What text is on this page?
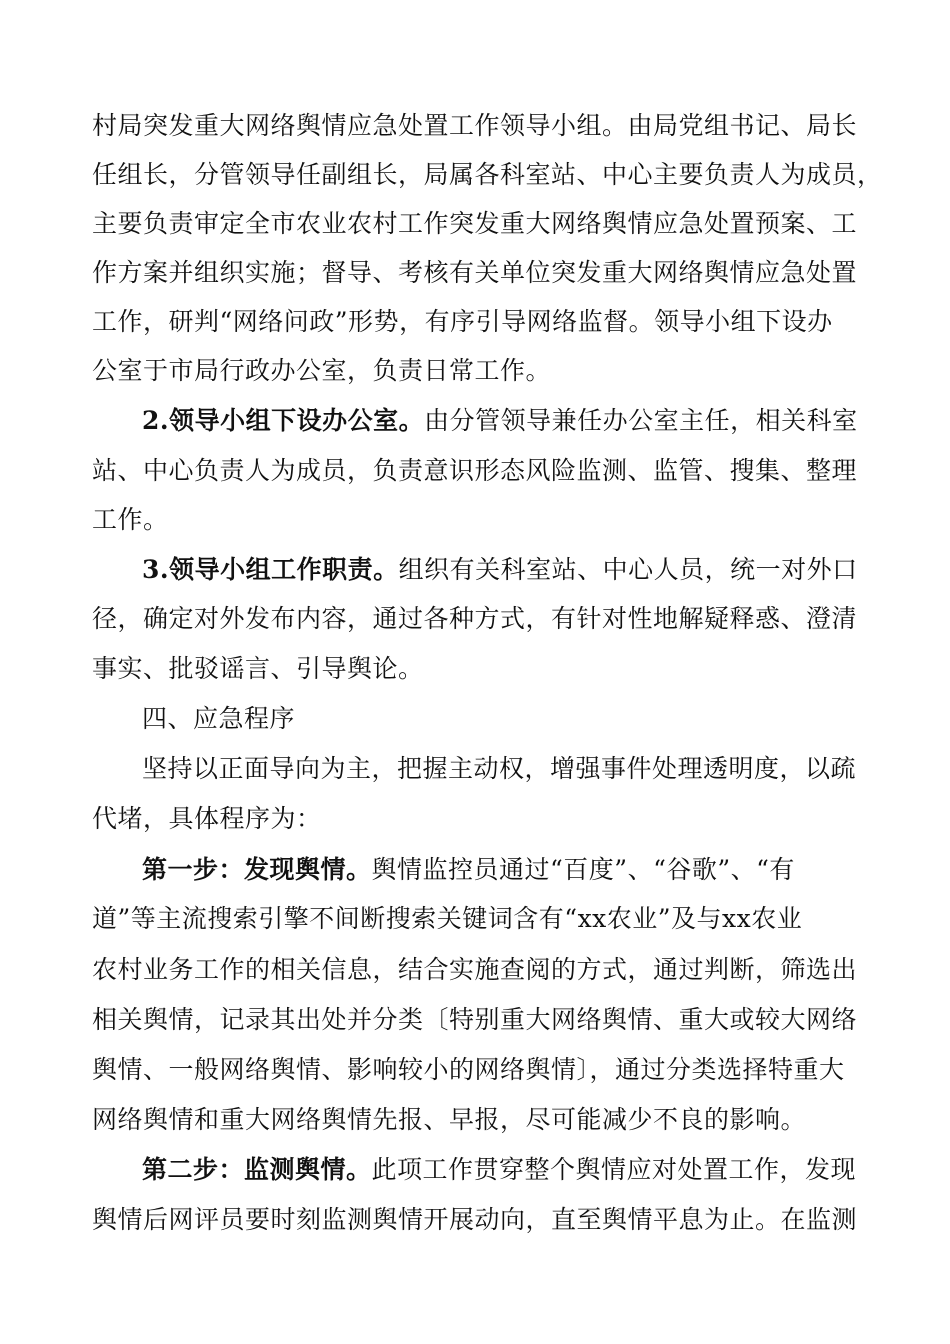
村局突发重大网络舆情应急处置工作领导小组。由局党组书记、局长
任组长，分管领导任副组长，局属各科室站、中心主要负责人为成员，
主要负责审定全市农业农村工作突发重大网络舆情应急处置预案、工
作方案并组织实施；督导、考核有关单位突发重大网络舆情应急处置
工作，研判“网络问政”形势，有序引导网络监督。领导小组下设办
公室于市局行政办公室，负责日常工作。
2.领导小组下设办公室。由分管领导兼任办公室主任，相关科室
站、中心负责人为成员，负责意识形态风险监测、监管、搜集、整理
工作。
3.领导小组工作职责。组织有关科室站、中心人员，统一对外口
径，确定对外发布内容，通过各种方式，有针对性地解疑释惑、澄清
事实、批驳谣言、引导舆论。
四、应急程序
坚持以正面导向为主，把握主动权，增强事件处理透明度，以疏
代堵，具体程序为：
第一步：发现舆情。舆情监控员通过“百度”、“谷歌”、“有
道”等主流搜索引擎不间断搜索关键词含有“xx农业”及与xx农业
农村业务工作的相关信息，结合实施查阅的方式，通过判断，筛选出
相关舆情，记录其出处并分类〔特别重大网络舆情、重大或较大网络
舆情、一般网络舆情、影响较小的网络舆情〕，通过分类选择特重大
网络舆情和重大网络舆情先报、早报，尽可能减少不良的影响。
第二步：监测舆情。此项工作贯穿整个舆情应对处置工作，发现
舆情后网评员要时刻监测舆情开展动向，直至舆情平息为止。在监测
